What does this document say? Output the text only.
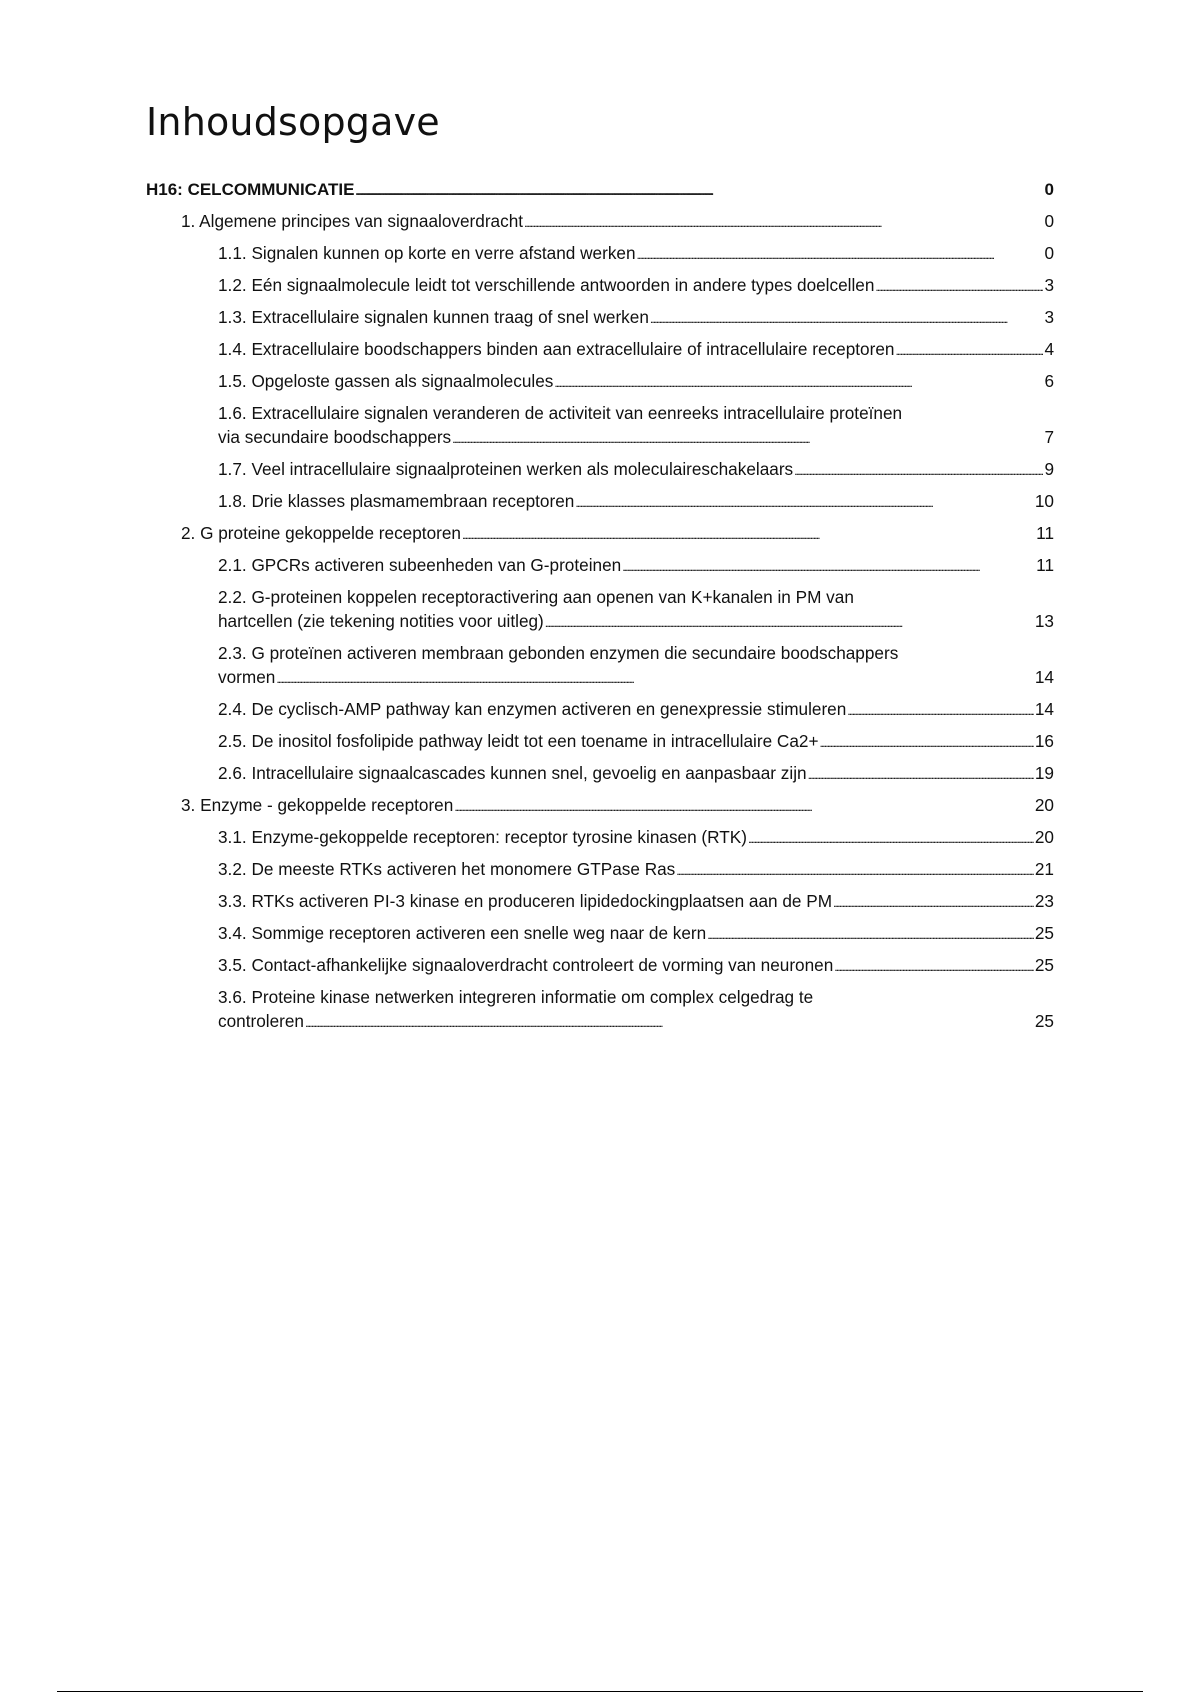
Inhoudsopgave
H16: CELCOMMUNICATIE . . .	0
1. Algemene principes van signaaloverdracht . . .	0
1.1. Signalen kunnen op korte en verre afstand werken . . .	0
1.2. Eén signaalmolecule leidt tot verschillende antwoorden in andere types doelcellen . . .	3
1.3. Extracellulaire signalen kunnen traag of snel werken . . .	3
1.4. Extracellulaire boodschappers binden aan extracellulaire of intracellulaire receptoren . . .	4
1.5. Opgeloste gassen als signaalmolecules . . .	6
1.6. Extracellulaire signalen veranderen de activiteit van eenreeks intracellulaire proteïnen
via secundaire boodschappers . . .	7
1.7. Veel intracellulaire signaalproteinen werken als moleculaireschakelaars . . .	9
1.8. Drie klasses plasmamembraan receptoren . . .	10
2. G proteine gekoppelde receptoren . . .	11
2.1. GPCRs activeren subeenheden van G-proteinen . . .	11
2.2. G-proteinen koppelen receptoractivering aan openen van K+kanalen in PM van
hartcellen (zie tekening notities voor uitleg) . . .	13
2.3. G proteïnen activeren membraan gebonden enzymen die secundaire boodschappers
vormen . . .	14
2.4. De cyclisch-AMP pathway kan enzymen activeren en genexpressie stimuleren . . .	14
2.5. De inositol fosfolipide pathway leidt tot een toename in intracellulaire Ca2+ . . .	16
2.6. Intracellulaire signaalcascades kunnen snel, gevoelig en aanpasbaar zijn . . .	19
3. Enzyme - gekoppelde receptoren . . .	20
3.1. Enzyme-gekoppelde receptoren: receptor tyrosine kinasen (RTK) . . .	20
3.2. De meeste RTKs activeren het monomere GTPase Ras . . .	21
3.3. RTKs activeren PI-3 kinase en produceren lipidedockingplaatsen aan de PM . . .	23
3.4. Sommige receptoren activeren een snelle weg naar de kern . . .	25
3.5. Contact-afhankelijke signaaloverdracht controleert de vorming van neuronen . . .	25
3.6. Proteine kinase netwerken integreren informatie om complex celgedrag te
controleren . . .	25
